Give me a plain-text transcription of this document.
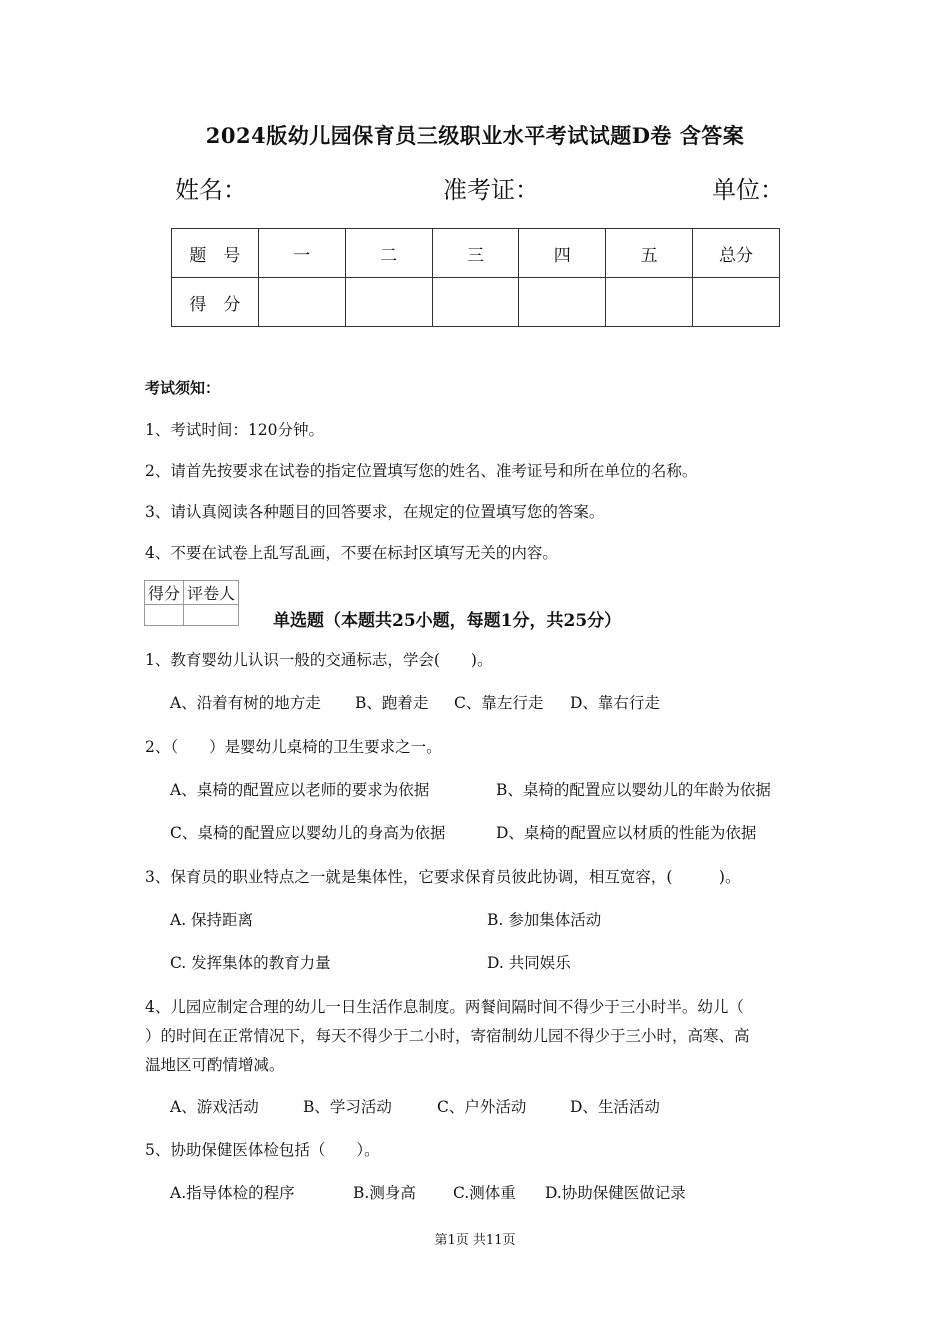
2024版幼儿园保育员三级职业水平考试试题D卷 含答案
姓名：	准考证：	单位：
题　号	一	二	三	四	五	总分
得　分						
考试须知：
1、考试时间：120分钟。
2、请首先按要求在试卷的指定位置填写您的姓名、准考证号和所在单位的名称。
3、请认真阅读各种题目的回答要求，在规定的位置填写您的答案。
4、不要在试卷上乱写乱画，不要在标封区填写无关的内容。
得分	评卷人

单选题（本题共25小题，每题1分，共25分）
1、教育婴幼儿认识一般的交通标志，学会(　　)。
A、沿着有树的地方走 B、跑着走 C、靠左行走 D、靠右行走
2、（　　）是婴幼儿桌椅的卫生要求之一。
A、桌椅的配置应以老师的要求为依据	B、桌椅的配置应以婴幼儿的年龄为依据
C、桌椅的配置应以婴幼儿的身高为依据	D、桌椅的配置应以材质的性能为依据
3、保育员的职业特点之一就是集体性，它要求保育员彼此协调，相互宽容，(　　　)。
A. 保持距离	B. 参加集体活动
C. 发挥集体的教育力量	D. 共同娱乐
4、儿园应制定合理的幼儿一日生活作息制度。两餐间隔时间不得少于三小时半。幼儿（
）的时间在正常情况下，每天不得少于二小时，寄宿制幼儿园不得少于三小时，高寒、高
温地区可酌情增减。
A、游戏活动	B、学习活动	C、户外活动	D、生活活动
5、协助保健医体检包括（　　）。
A.指导体检的程序	B.测身高 C.测体重 D.协助保健医做记录
第1页 共11页
